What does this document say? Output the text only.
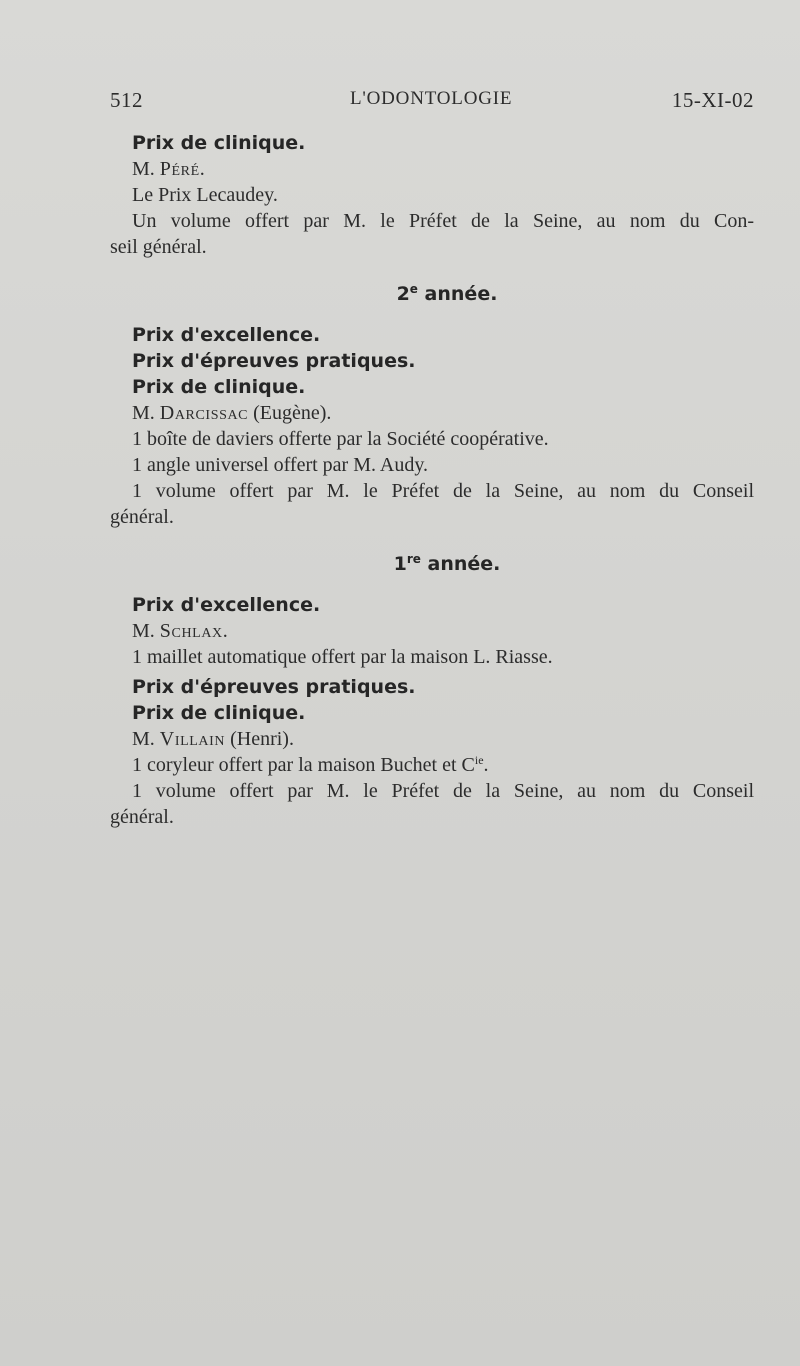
512	L'ODONTOLOGIE	15-XI-02
Prix de clinique.
M. Péré.
Le Prix Lecaudey.
Un volume offert par M. le Préfet de la Seine, au nom du Con-
seil général.
2e année.
Prix d'excellence.
Prix d'épreuves pratiques.
Prix de clinique.
M. Darcissac (Eugène).
1 boîte de daviers offerte par la Société coopérative.
1 angle universel offert par M. Audy.
1 volume offert par M. le Préfet de la Seine, au nom du Conseil
général.
1re année.
Prix d'excellence.
M. Schlax.
1 maillet automatique offert par la maison L. Riasse.
Prix d'épreuves pratiques.
Prix de clinique.
M. Villain (Henri).
1 coryleur offert par la maison Buchet et $C^{ie}$.
1 volume offert par M. le Préfet de la Seine, au nom du Conseil
général.
